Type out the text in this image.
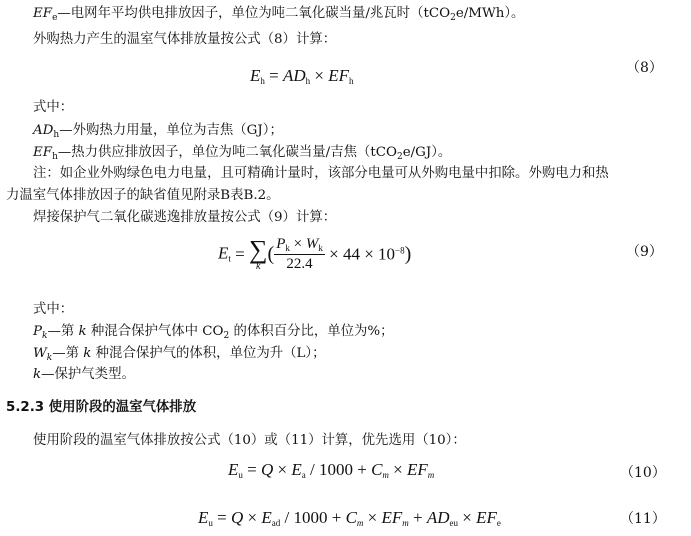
$EF_e—$电网年平均供电排放因子，单位为吨二氧化碳当量/兆瓦时（tCO$_2$e/MWh）。
外购热力产生的温室气体排放量按公式（8）计算：
$E_h = AD_h \times EF_h$
（8）
式中：
$AD_h—$外购热力用量，单位为吉焦（GJ）；
$EF_h—$热力供应排放因子，单位为吨二氧化碳当量/吉焦（tCO$_2$e/GJ）。
注：如企业外购绿色电力电量，且可精确计量时，该部分电量可从外购电量中扣除。外购电力和热
力温室气体排放因子的缺省值见附录B表B.2。
焊接保护气二氧化碳逃逸排放量按公式（9）计算：
$E_t$ = ∑
k
( $\frac{P_k \times W_k}{22.4} \times 44 \times 10^{-8}$)	（9）
式中：
$P_k—$第 k 种混合保护气体中 $CO_2$ 的体积百分比，单位为%；
$W_k—$第 k 种混合保护气的体积，单位为升（L）；
k—保护气类型。
5.2.3 使用阶段的温室气体排放
使用阶段的温室气体排放按公式（10）或（11）计算，优先选用（10）：
$E_u = Q \times E_a / 1000 + C_m \times EF_m$	（10）
$E_u = Q \times E_{ad} / 1000 + C_m \times EF_m + AD_{eu} \times EF_e$	（11）
